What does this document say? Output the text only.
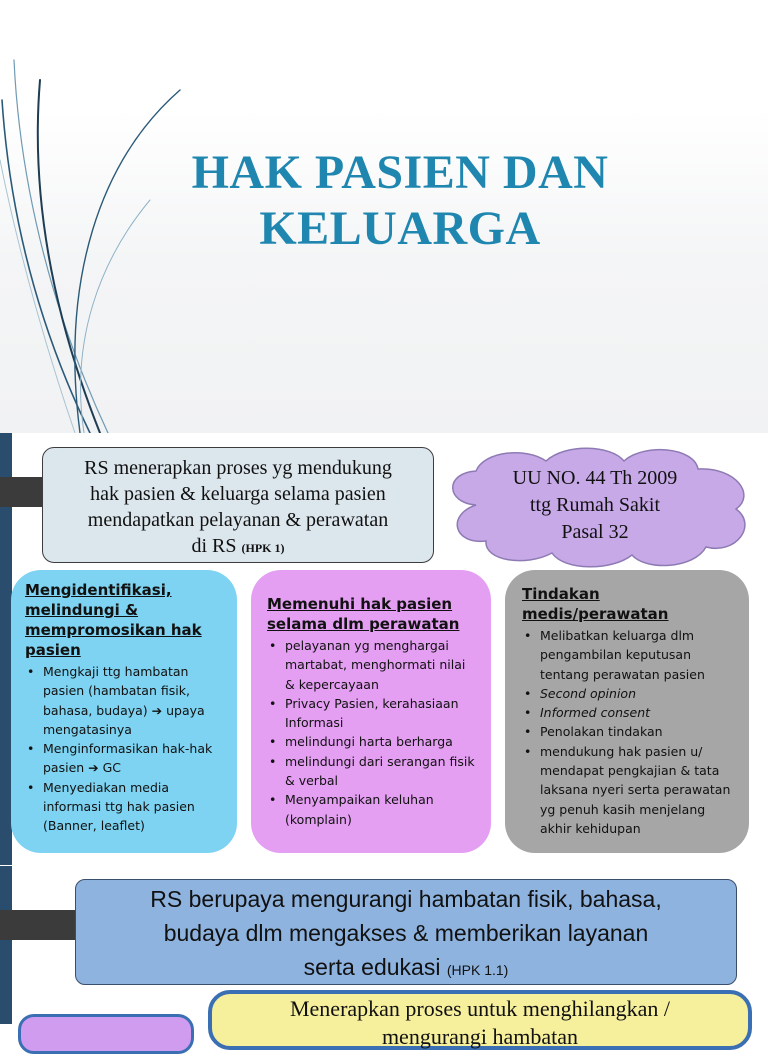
HAK PASIEN DAN
KELUARGA
RS menerapkan proses yg mendukung
hak pasien & keluarga selama pasien
mendapatkan pelayanan & perawatan
di RS (HPK 1)
UU NO. 44 Th 2009
ttg Rumah Sakit
Pasal 32
Mengidentifikasi, melindungi & mempromosikan hak pasien
• Mengkaji ttg hambatan pasien (hambatan fisik, bahasa, budaya) ➔ upaya mengatasinya
• Menginformasikan hak-hak pasien ➔ GC
• Menyediakan media informasi ttg hak pasien (Banner, leaflet)
Memenuhi hak pasien selama dlm perawatan
• pelayanan yg menghargai martabat, menghormati nilai & kepercayaan
• Privacy Pasien, kerahasiaan Informasi
• melindungi harta berharga
• melindungi dari serangan fisik & verbal
• Menyampaikan keluhan (komplain)
Tindakan medis/perawatan
• Melibatkan keluarga dlm pengambilan keputusan tentang perawatan pasien
• Second opinion
• Informed consent
• Penolakan tindakan
• mendukung hak pasien u/ mendapat pengkajian & tata laksana nyeri serta perawatan yg penuh kasih menjelang akhir kehidupan
RS berupaya mengurangi hambatan fisik, bahasa,
budaya dlm mengakses & memberikan layanan
serta edukasi (HPK 1.1)
Menerapkan proses untuk menghilangkan /
mengurangi hambatan
